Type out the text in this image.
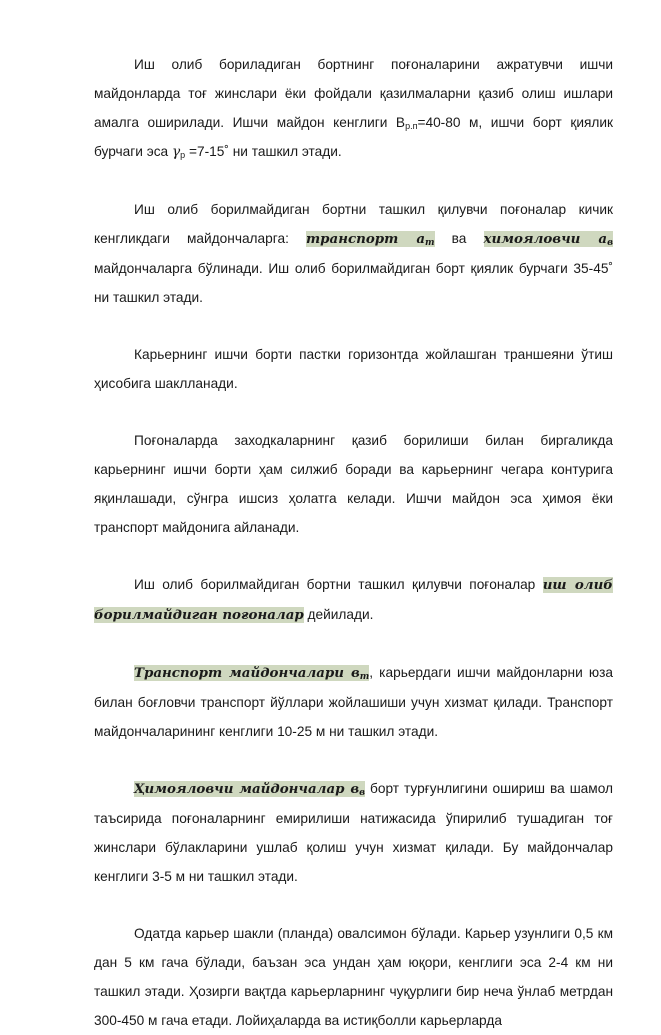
Иш олиб бориладиган бортнинг поғоналарини ажратувчи ишчи майдонларда тоғ жинслари ёки фойдали қазилмаларни қазиб олиш ишлари амалга оширилади. Ишчи майдон кенглиги $В_{р.п}=40-80$ м, ишчи борт қиялик бурчаги эса $\gamma_р$ =7-15˚ ни ташкил этади.

Иш олиб борилмайдиган бортни ташкил қилувчи поғоналар кичик кенгликдаги майдончаларга: транспорт $a_т$ ва химояловчи $a_в$ майдончаларга бўлинади. Иш олиб борилмайдиган борт қиялик бурчаги 35-45˚ ни ташкил этади.

Карьернинг ишчи борти пастки горизонтда жойлашган траншеяни ўтиш ҳисобига шаклланади.

Поғоналарда заходкаларнинг қазиб борилиши билан биргаликда карьернинг ишчи борти ҳам силжиб боради ва карьернинг чегара контурига яқинлашади, сўнгра ишсиз ҳолатга келади. Ишчи майдон эса ҳимоя ёки транспорт майдонига айланади.

Иш олиб борилмайдиган бортни ташкил қилувчи поғоналар иш олиб борилмайдиган поғоналар дейилади.

Транспорт майдончалари $в_т$, карьердаги ишчи майдонларни юза билан боғловчи транспорт йўллари жойлашиши учун хизмат қилади. Транспорт майдончаларининг кенглиги 10-25 м ни ташкил этади.

Ҳимояловчи майдончалар $в_в$ борт турғунлигини ошириш ва шамол таъсирида поғоналарнинг емирилиши натижасида ўпирилиб тушадиган тоғ жинслари бўлакларини ушлаб қолиш учун хизмат қилади. Бу майдончалар кенглиги 3-5 м ни ташкил этади.

Одатда карьер шакли (планда) овалсимон бўлади. Карьер узунлиги 0,5 км дан 5 км гача бўлади, баъзан эса ундан ҳам юқори, кенглиги эса 2-4 км ни ташкил этади. Ҳозирги вақтда карьерларнинг чуқурлиги бир неча ўнлаб метрдан 300-450 м гача етади. Лойиҳаларда ва истиқболли карьерларда
